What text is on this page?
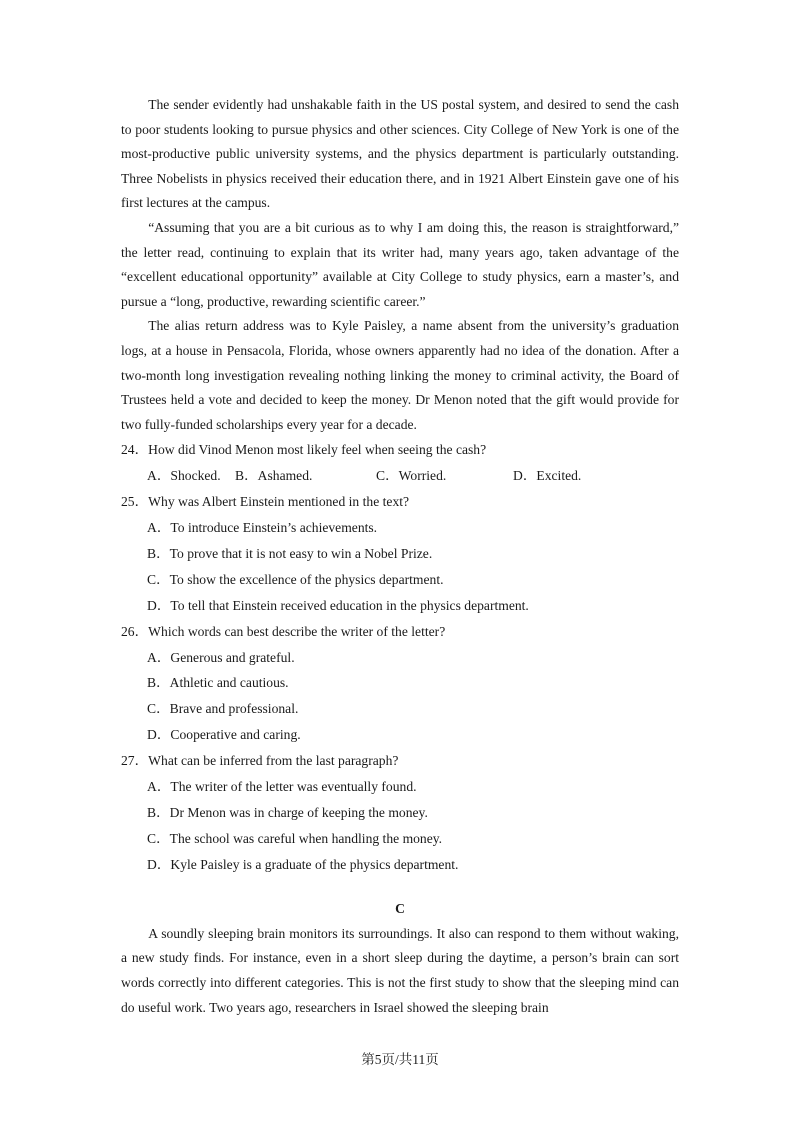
The sender evidently had unshakable faith in the US postal system, and desired to send the cash to poor students looking to pursue physics and other sciences. City College of New York is one of the most-productive public university systems, and the physics department is particularly outstanding. Three Nobelists in physics received their education there, and in 1921 Albert Einstein gave one of his first lectures at the campus.

“Assuming that you are a bit curious as to why I am doing this, the reason is straightforward,” the letter read, continuing to explain that its writer had, many years ago, taken advantage of the “excellent educational opportunity” available at City College to study physics, earn a master’s, and pursue a “long, productive, rewarding scientific career.”

The alias return address was to Kyle Paisley, a name absent from the university’s graduation logs, at a house in Pensacola, Florida, whose owners apparently had no idea of the donation. After a two-month long investigation revealing nothing linking the money to criminal activity, the Board of Trustees held a vote and decided to keep the money. Dr Menon noted that the gift would provide for two fully-funded scholarships every year for a decade.

24．How did Vinod Menon most likely feel when seeing the cash?

A．Shocked.	B．Ashamed.	C．Worried.	D．Excited.

25．Why was Albert Einstein mentioned in the text?

A．To introduce Einstein’s achievements.

B．To prove that it is not easy to win a Nobel Prize.

C．To show the excellence of the physics department.

D．To tell that Einstein received education in the physics department.

26．Which words can best describe the writer of the letter?

A．Generous and grateful.

B．Athletic and cautious.

C．Brave and professional.

D．Cooperative and caring.

27．What can be inferred from the last paragraph?

A．The writer of the letter was eventually found.

B．Dr Menon was in charge of keeping the money.

C．The school was careful when handling the money.

D．Kyle Paisley is a graduate of the physics department.

C

A soundly sleeping brain monitors its surroundings. It also can respond to them without waking, a new study finds. For instance, even in a short sleep during the daytime, a person’s brain can sort words correctly into different categories. This is not the first study to show that the sleeping mind can do useful work. Two years ago, researchers in Israel showed the sleeping brain

第5页/共11页
